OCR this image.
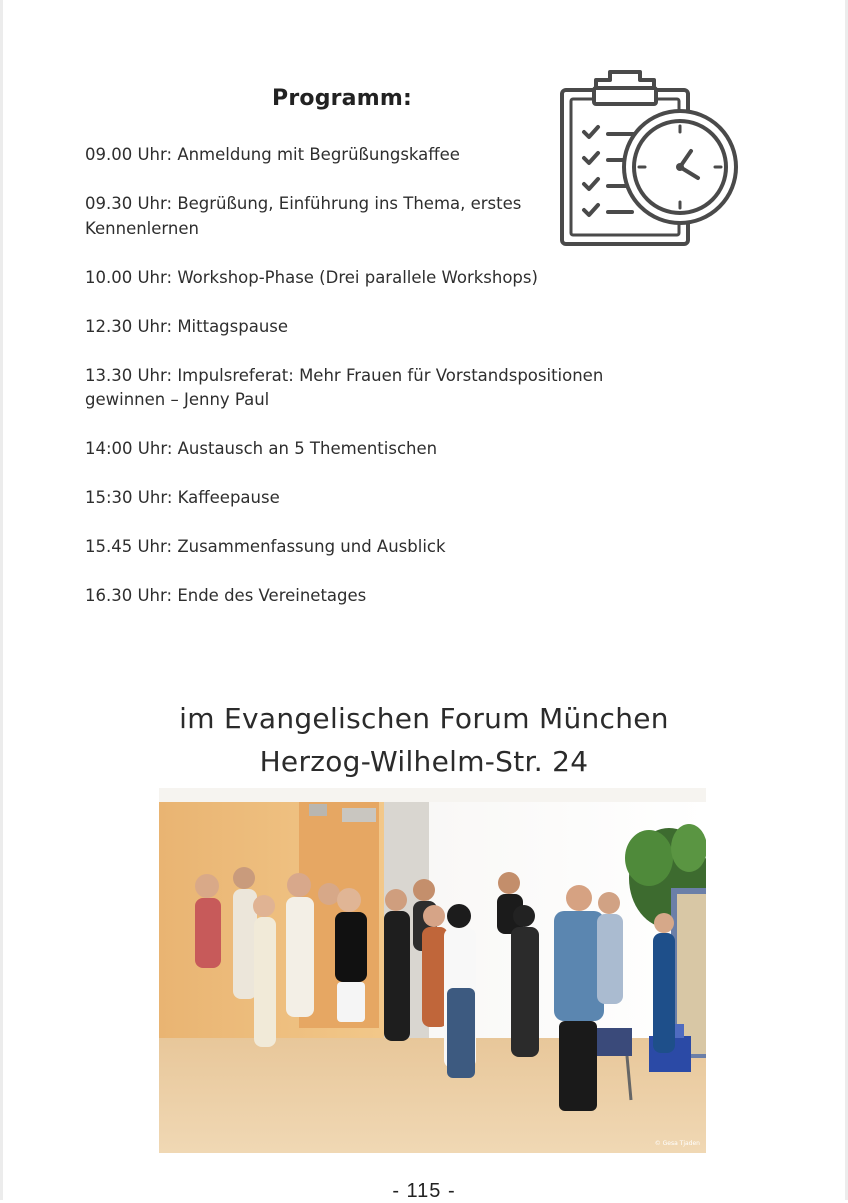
Programm:
09.00 Uhr: Anmeldung mit Begrüßungskaffee
09.30 Uhr: Begrüßung, Einführung ins Thema, erstes Kennenlernen
10.00 Uhr: Workshop-Phase (Drei parallele Workshops)
12.30 Uhr: Mittagspause
13.30 Uhr: Impulsreferat: Mehr Frauen für Vorstandspositionen gewinnen – Jenny Paul
14:00 Uhr: Austausch an 5 Thementischen
15:30 Uhr: Kaffeepause
15.45 Uhr: Zusammenfassung und Ausblick
16.30 Uhr: Ende des Vereinetages
im Evangelischen Forum München
Herzog-Wilhelm-Str. 24
© Gesa Tjaden
- 115 -
